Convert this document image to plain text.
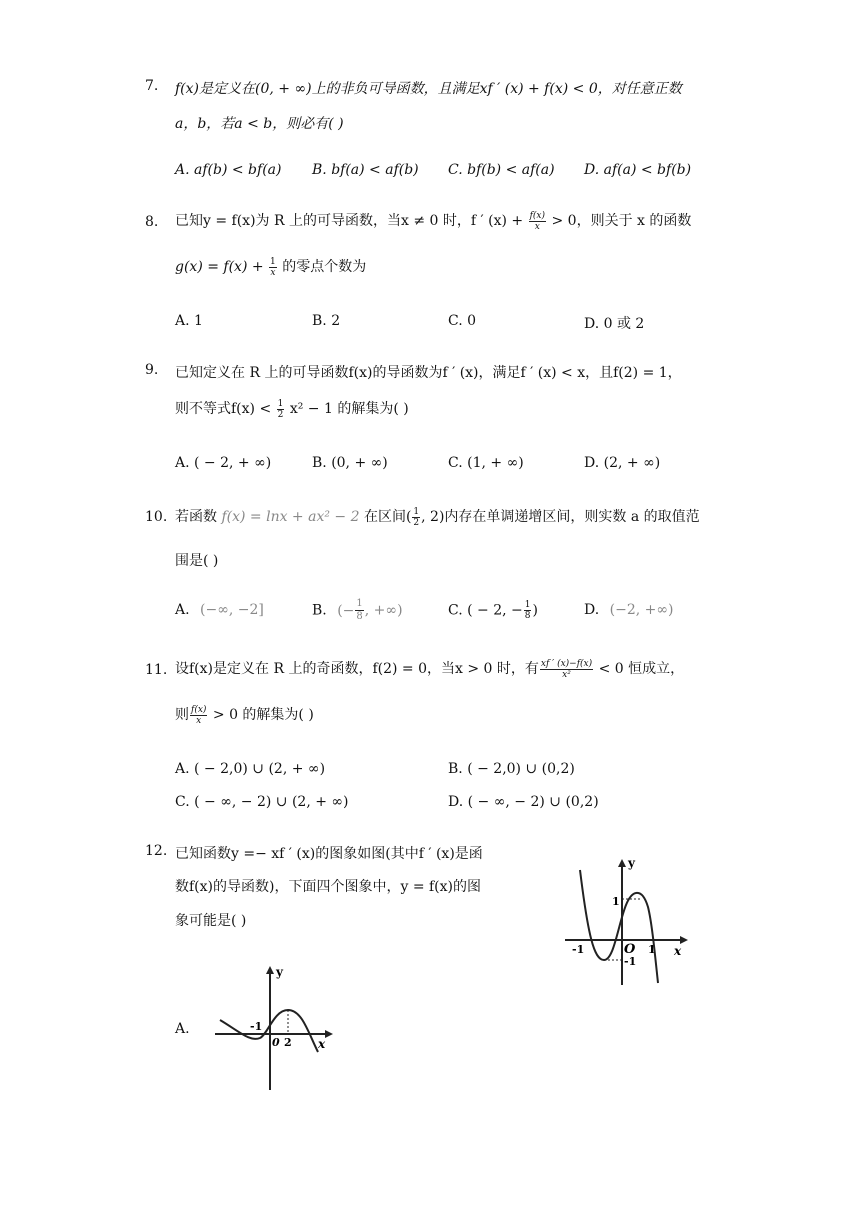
7. f(x)是定义在(0, + ∞)上的非负可导函数，且满足xf ′ (x) + f(x) < 0，对任意正数
a，b，若a < b，则必有( )
A. af(b) < bf(a) B. bf(a) < af(b) C. bf(b) < af(a) D. af(a) < bf(b)
8. 已知y = f(x)为 R 上的可导函数，当x ≠ 0 时，f ′ $(x) + \frac{f(x)}{x} > 0$，则关于 x 的函数
$g(x) = f(x) + \frac{1}{x}$ 的零点个数为
A. 1	B. 2	C. 0	D. 0 或 2
9. 已知定义在 R 上的可导函数f(x)的导函数为f ′ (x)，满足f ′ (x) < x，且f(2) = 1，
则不等式$f(x) < \frac{1}{2} x^2 - 1$ 的解集为( )
A. ( − 2, + ∞)	B. (0, + ∞)	C. (1, + ∞)	D. (2, + ∞)
10. 若函数 f(x) = lnx + ax² − 2 在区间( $\frac{1}{2}$ , 2)内存在单调递增区间，则实数 a 的取值范
围是( )
A. (−∞, −2]	B. (− $\frac{1}{8}$ , +∞)	C. ( − 2, − $\frac{1}{8}$ )	D. (−2, +∞)
11. 设f(x)是定义在 R 上的奇函数，f(2) = 0，当x > 0 时，有 $\frac{xf ' (x)-f(x)}{\text{x²}} < 0$ 恒成立，
则 $\frac{f(x)}{x} > 0$ 的解集为( )
A. ( − 2,0) ∪ (2, + ∞)	B. ( − 2,0) ∪ (0,2)
C. ( − ∞, − 2) ∪ (2, + ∞)	D. ( − ∞, − 2) ∪ (0,2)
12. 已知函数y =− xf ′ (x)的图象如图(其中f ′ (x)是函
数f(x)的导函数)，下面四个图象中，y = f(x)的图
象可能是( )
y
x
O
-1	1
1
-1
A.
y
x
0
-1
2
